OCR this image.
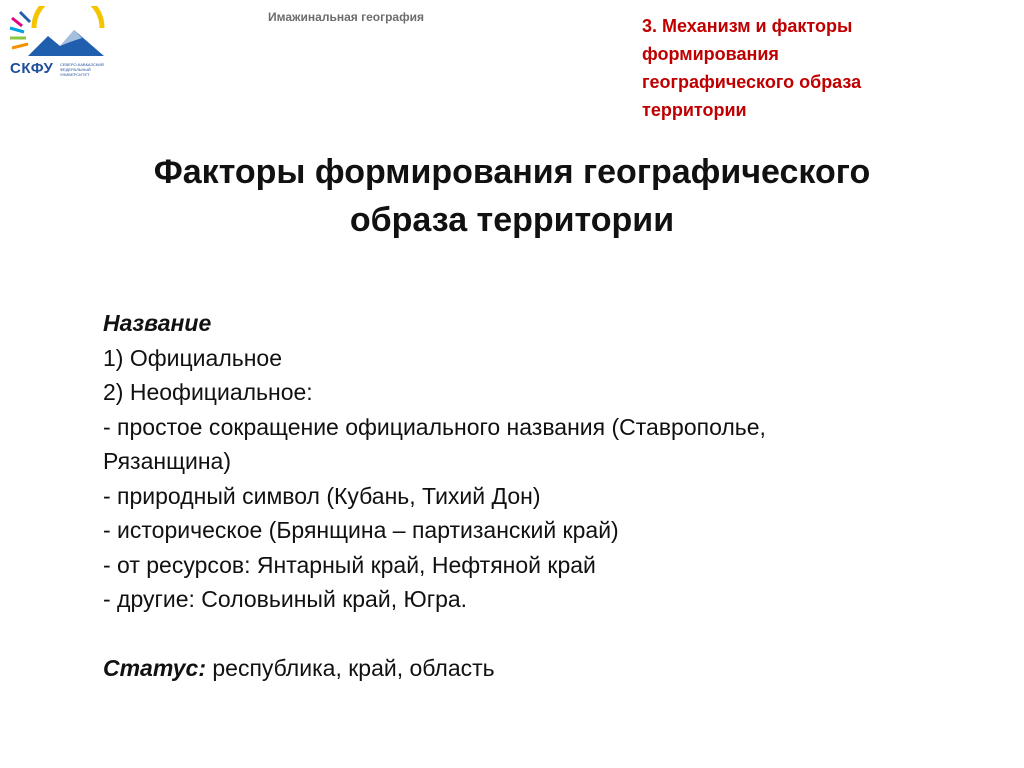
СКФУ СЕВЕРО-КАВКАЗСКИЙ ФЕДЕРАЛЬНЫЙ УНИВЕРСИТЕТ
Имажинальная география	3. Механизм и факторы
формирования
географического образа
территории
Факторы формирования географического
образа территории
Название
1) Официальное
2) Неофициальное:
- простое сокращение официального названия (Ставрополье,
Рязанщина)
- природный символ (Кубань, Тихий Дон)
- историческое (Брянщина – партизанский край)
- от ресурсов: Янтарный край, Нефтяной край
- другие: Соловьиный край, Югра.
Статус: республика, край, область
